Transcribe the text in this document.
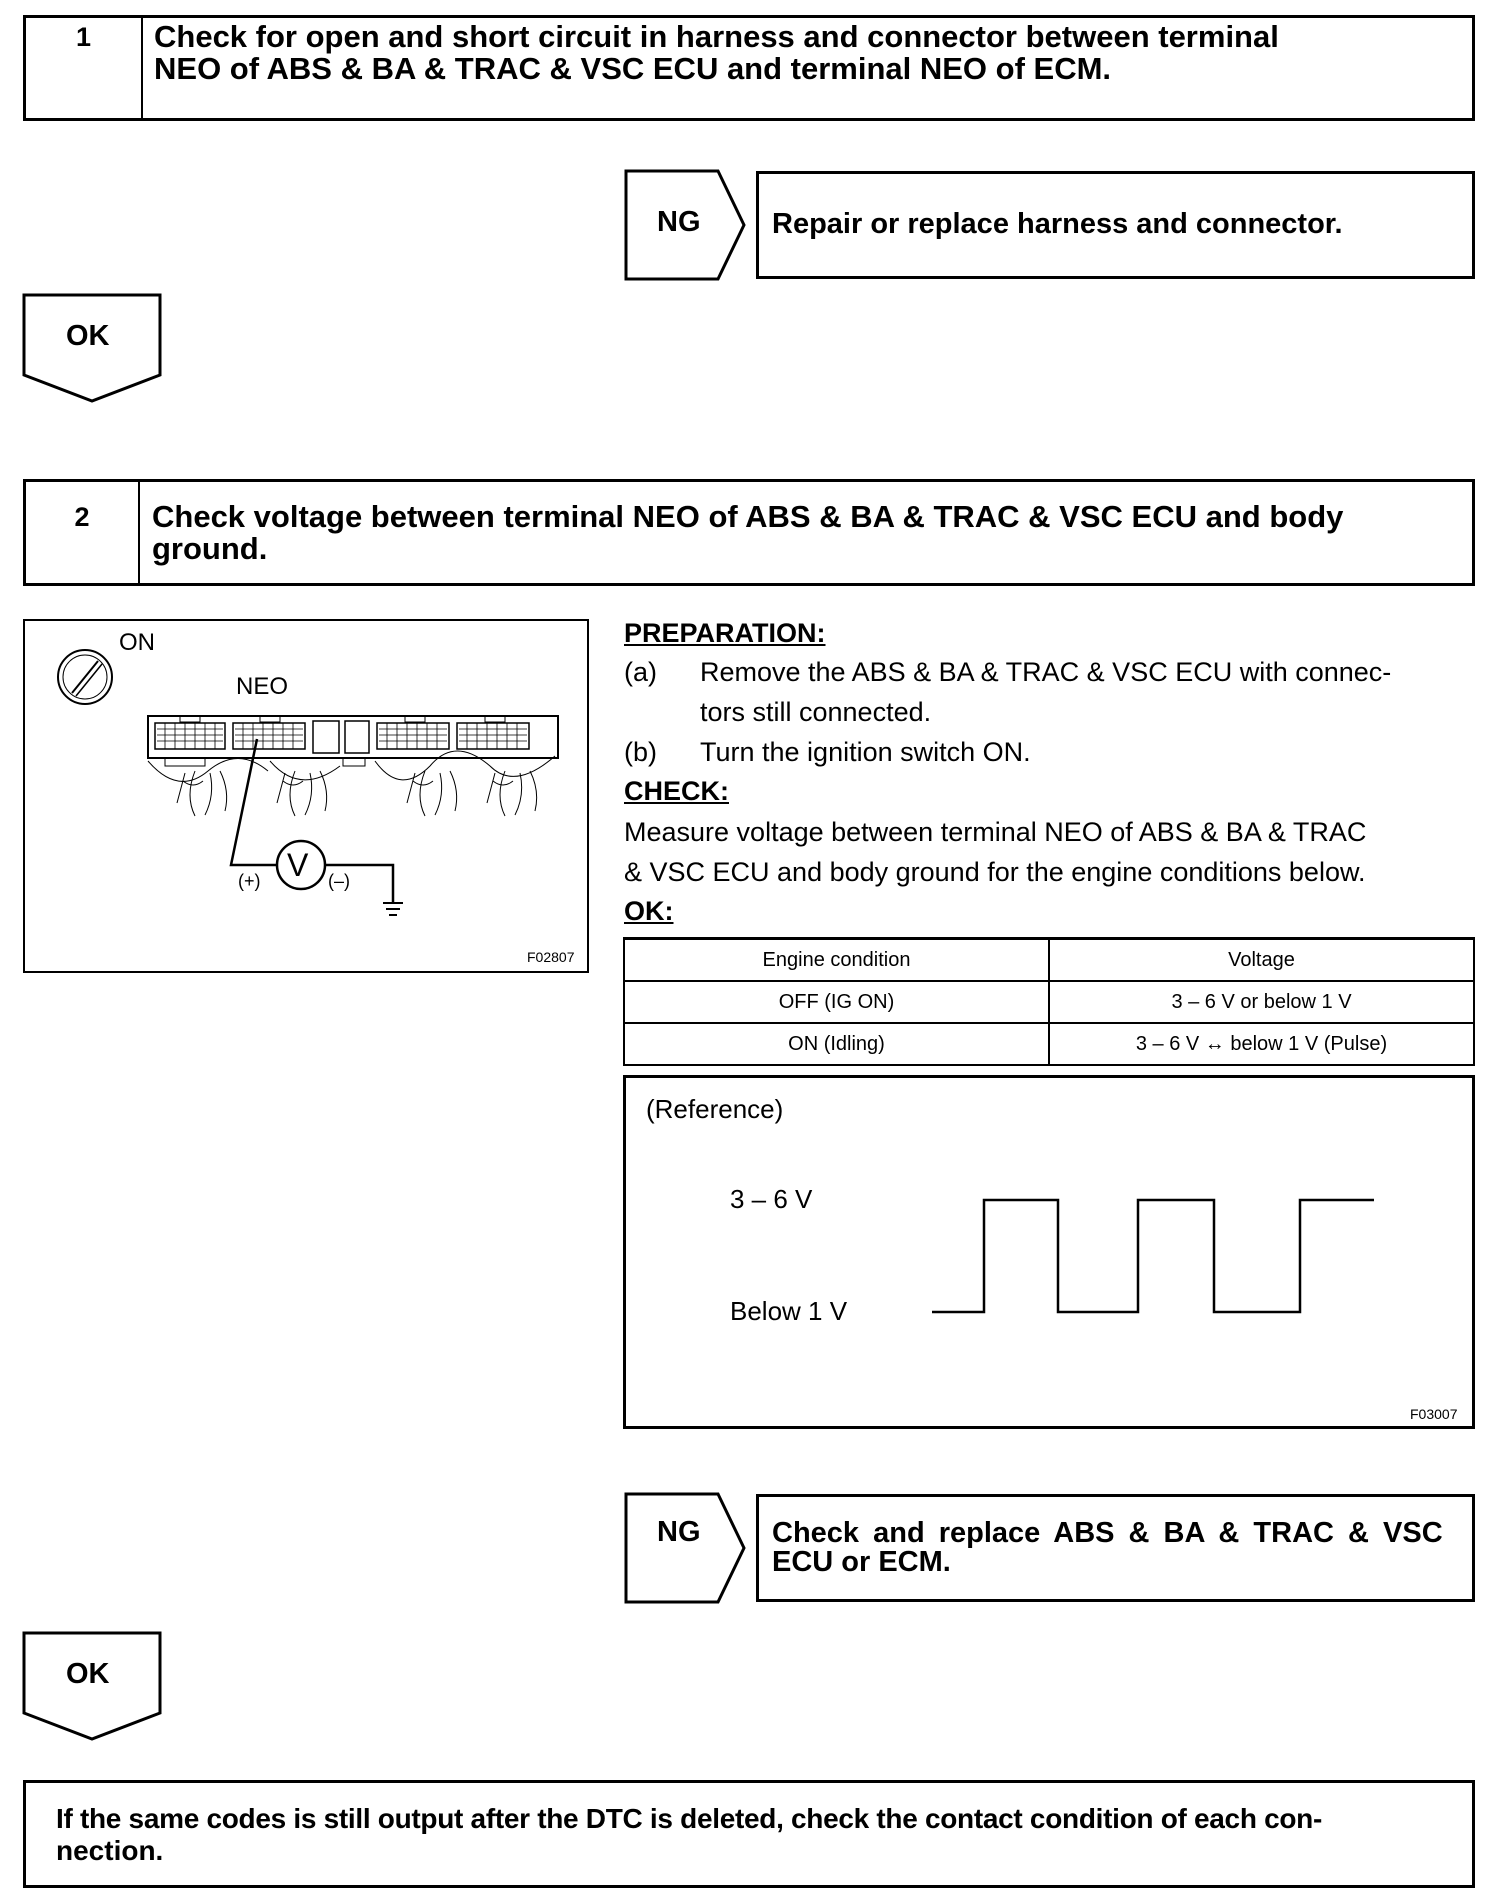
1	Check for open and short circuit in harness and connector between terminal
NEO of ABS & BA & TRAC & VSC ECU and terminal NEO of ECM.
NG Repair or replace harness and connector.
OK
2	Check voltage between terminal NEO of ABS & BA & TRAC & VSC ECU and body
ground.
ON
NEO
V
(+)	(–)
F02807
PREPARATION:
(a) Remove the ABS & BA & TRAC & VSC ECU with connec-
tors still connected.
(b) Turn the ignition switch ON.
CHECK:
Measure voltage between terminal NEO of ABS & BA & TRAC
& VSC ECU and body ground for the engine conditions below.
OK:
Engine condition	Voltage
OFF (IG ON)	3 – 6 V or below 1 V
ON (Idling)	3 – 6 V ↔ below 1 V (Pulse)
(Reference)
3 – 6 V
Below 1 V
F03007
NG Check and replace ABS & BA & TRAC & VSC
ECU or ECM.
OK
If the same codes is still output after the DTC is deleted, check the contact condition of each con-
nection.
